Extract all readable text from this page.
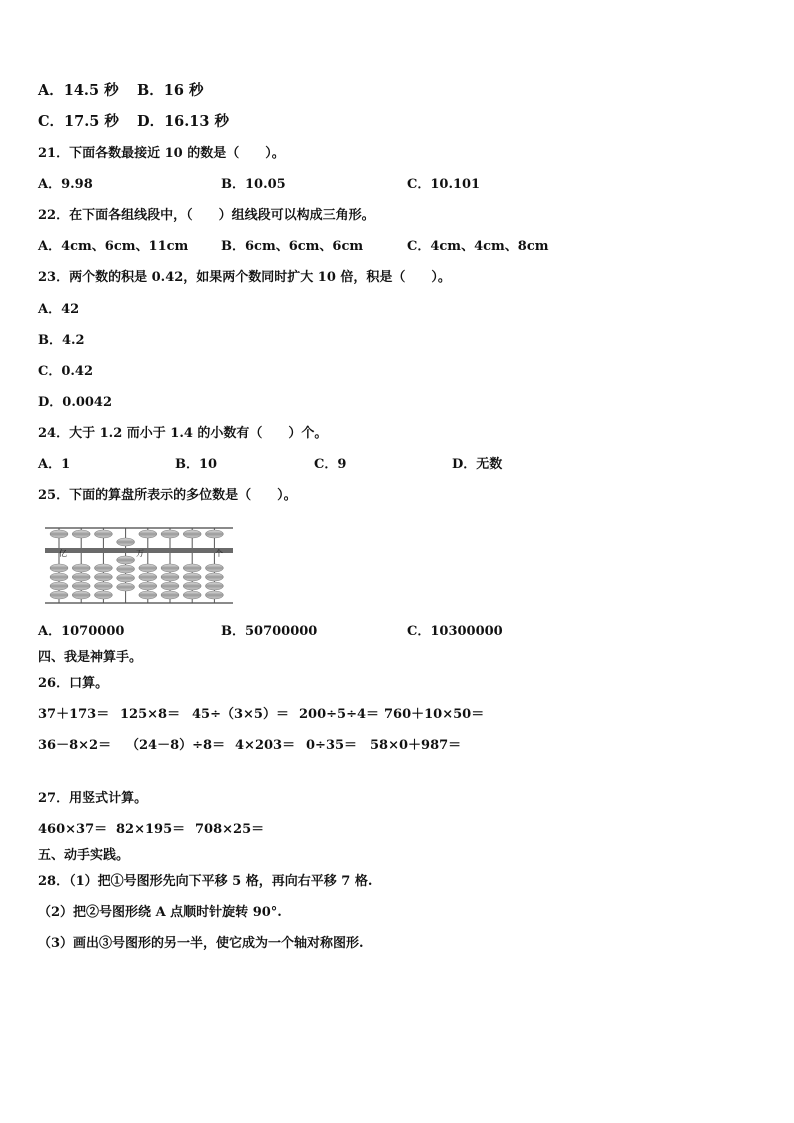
A．14.5 秒 B．16 秒
C．17.5 秒 D．16.13 秒
21．下面各数最接近 10 的数是（　　）。
A．9.98	B．10.05	C．10.101
22．在下面各组线段中，（　　）组线段可以构成三角形。
A．4cm、6cm、11cm	B．6cm、6cm、6cm	C．4cm、4cm、8cm
23．两个数的积是 0.42，如果两个数同时扩大 10 倍，积是（　　）。
A．42
B．4.2
C．0.42
D．0.0042
24．大于 1.2 而小于 1.4 的小数有（　　）个。
A．1	B．10	C．9	D．无数
25．下面的算盘所表示的多位数是（　　）。
亿	万	个
A．1070000	B．50700000	C．10300000
四、我是神算手。
26．口算。
37＋173＝ 125×8＝ 45÷（3×5）＝ 200÷5÷4＝ 760＋10×50＝
36－8×2＝ （24－8）÷8＝ 4×203＝ 0÷35＝ 58×0＋987＝
27．用竖式计算。
460×37＝ 82×195＝ 708×25＝
五、动手实践。
28．（1）把①号图形先向下平移 5 格，再向右平移 7 格.
（2）把②号图形绕 A 点顺时针旋转 90°.
（3）画出③号图形的另一半，使它成为一个轴对称图形.
